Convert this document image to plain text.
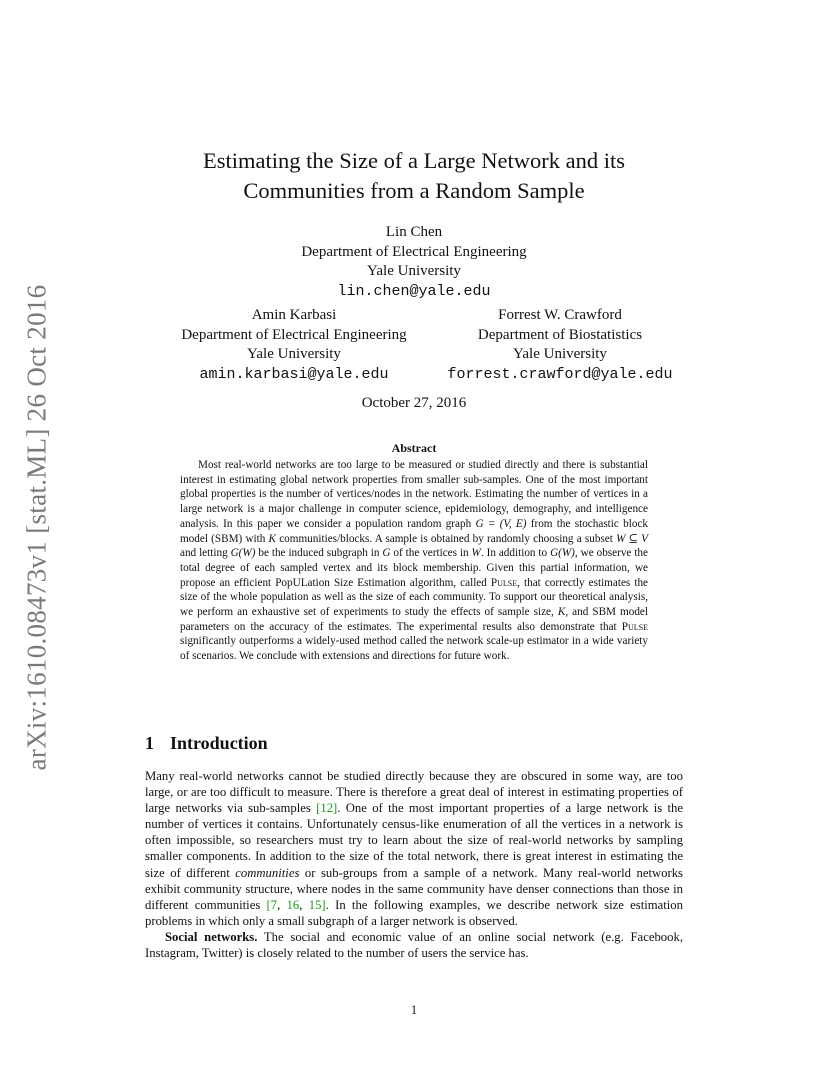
arXiv:1610.08473v1 [stat.ML] 26 Oct 2016
Estimating the Size of a Large Network and its
Communities from a Random Sample
Lin Chen
Department of Electrical Engineering
Yale University
lin.chen@yale.edu
Amin Karbasi
Department of Electrical Engineering
Yale University
amin.karbasi@yale.edu
Forrest W. Crawford
Department of Biostatistics
Yale University
forrest.crawford@yale.edu
October 27, 2016
Abstract
Most real-world networks are too large to be measured or studied directly and there is substantial interest in estimating global network properties from smaller sub-samples. One of the most important global properties is the number of vertices/nodes in the network. Estimating the number of vertices in a large network is a major challenge in computer science, epidemiology, demography, and intelligence analysis. In this paper we consider a population random graph G = (V, E) from the stochastic block model (SBM) with K communities/blocks. A sample is obtained by randomly choosing a subset W ⊆ V and letting G(W) be the induced subgraph in G of the vertices in W. In addition to G(W), we observe the total degree of each sampled vertex and its block membership. Given this partial information, we propose an efficient PopULation Size Estimation algorithm, called Pulse, that correctly estimates the size of the whole population as well as the size of each community. To support our theoretical analysis, we perform an exhaustive set of experiments to study the effects of sample size, K, and SBM model parameters on the accuracy of the estimates. The experimental results also demonstrate that Pulse significantly outperforms a widely-used method called the network scale-up estimator in a wide variety of scenarios. We conclude with extensions and directions for future work.
1 Introduction

Many real-world networks cannot be studied directly because they are obscured in some way, are too large, or are too difficult to measure. There is therefore a great deal of interest in estimating properties of large networks via sub-samples [12]. One of the most important properties of a large network is the number of vertices it contains. Unfortunately census-like enumeration of all the vertices in a network is often impossible, so researchers must try to learn about the size of real-world networks by sampling smaller components. In addition to the size of the total network, there is great interest in estimating the size of different communities or sub-groups from a sample of a network. Many real-world networks exhibit community structure, where nodes in the same community have denser connections than those in different communities [7, 16, 15]. In the following examples, we describe network size estimation problems in which only a small subgraph of a larger network is observed.

Social networks. The social and economic value of an online social network (e.g. Facebook, Instagram, Twitter) is closely related to the number of users the service has.

1
